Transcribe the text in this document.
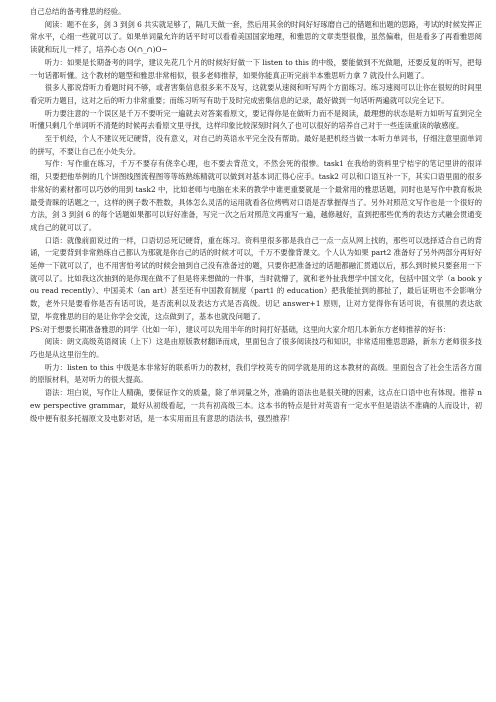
自己总结的备考雅思的经验。

阅读：题不在多，剑 3 到剑 6 共实就足够了，隔几天做一套，然后用其余的时间好好琢磨自己的错题和出题的思路，考试的时候发挥正常水平，心细一些就可以了。如果单词量允许的话平时可以看看美国国家地理，和雅思的文章类型很像，虽然偏难，但是看多了再看雅思阅读就和玩儿一样了，培养心态 O(∩_∩)O~

听力：如果是长期备考的同学，建议先花几个月的时候好好做一下 listen to this 的中级，要能做到不光做题，还要反复的听写，把每一句话都听懂。这个教材的题型和雅思非常相似，很多老师推荐，如果你能真正听完前半本雅思听力拿 7 就没什么问题了。

很多人都说背听力看题时间不够，或者害集信息很多来不及写，这就要从速阅和听写两个方面练习。练习速阅可以让你在很短的时间里看完听力题目，这对之后的听力非常重要；而练习听写有助于及时完成密集信息的记录，最好做到一句话听两遍就可以完全记下。

听力要注意的一个误区是千万不要听完一遍就去对答案看原文，要记得你是在做听力而不是阅读，最理想的状态是听力如听写直到完全听懂只剩几个单词听不清楚的时候再去看原文里寻找，这样印象比较深刻时间久了也可以很好的培养自己对于一些连读重读的敏感度。

至于机经，个人不建议死记硬背，没有意义，对自己的英语水平完全没有帮助。最好是把机经当做一本听力单词书，仔细注意里面单词的拼写，不要让自己在小处失分。

写作：写作重在练习，千万不要存有侥幸心理，也不要去背范文，不然会死的很惨。task1 在我给的资料里宁桔宇的笔记里讲的很详细，只要把他举例的几个饼图线图流程图等等练熟练精就可以做到对基本词汇得心应手。task2 可以和口语互补一下，其实口语里面的很多非常好的素材都可以巧妙的用到 task2 中，比如老师与电脑在未来的教学中谁更重要就是一个最常用的雅思话题，同时也是写作中教育板块最受青睐的话题之一，这样的例子数不胜数，具体怎么灵活的运用就看各位烤鸭对口语是否掌握得当了。另外对照范文写作也是一个很好的方法，剑 3 到剑 6 的每个话题如果都可以好好准备，写完一次之后对照范文再重写一遍，越修越好，直到把那些优秀的表达方式融会贯通变成自己的就可以了。

口语：就像前面说过的一样，口语切忌死记硬背，重在练习。资料里很多都是我自己一点一点从网上找的，那些可以选择适合自己的背诵，一定要背到非常熟练自己都认为那就是你自己的话的时候才可以，千万不要像背课文。个人认为如果 part2 准备好了另外两部分再好好延伸一下就可以了，也不用害怕考试的时候会抽到自己没有准备过的题，只要你把准备过的话题都融汇贯通以后，那么到时候只要套用一下就可以了。比如我这次抽到的是你现在做不了但是将来想做的一件事，当时就懵了，就和老外扯我想学中国文化，包括中国文学（a book you read recently）、中国美术（an art）甚至还有中国教育制度（part1 的 education）把我能扯到的都扯了，最后证明也不会影响分数，老外只是要看你是否有话可说，是否流利以及表达方式是否高级。切记 answer+1 原则，让对方觉得你有话可说，有很黑的表达欲望，毕竟雅思的目的是让你学会交流，这点做到了，基本也就没问题了。

PS:对于想要长期准备雅思的同学（比如一年），建议可以先用半年的时间打好基础，这里向大家介绍几本新东方老师推荐的好书：

阅读：朗文高级英语阅读（上下）这是由原版教材翻译而成，里面包含了很多阅读技巧和知识，非常适用雅思思路，新东方老师很多技巧也是从这里衍生的。

听力：listen to this 中级是本非常好的联系听力的教材，我们学校英专的同学就是用的这本教材的高级。里面包含了社会生活各方面的原版材料，是对听力的很大提高。

语法：坦白说，写作让人精确，要保证作文的质量，除了单词量之外，准确的语法也是很关键的因素，这点在口语中也有体现。推荐 new perspective grammar，最好从初级看起，一共有初高级三本。这本书的特点是针对英语有一定水平但是语法不准确的人而设计，初级中便有很多托福原文及电影对话，是一本实用而且有意思的语法书，强烈推荐！
